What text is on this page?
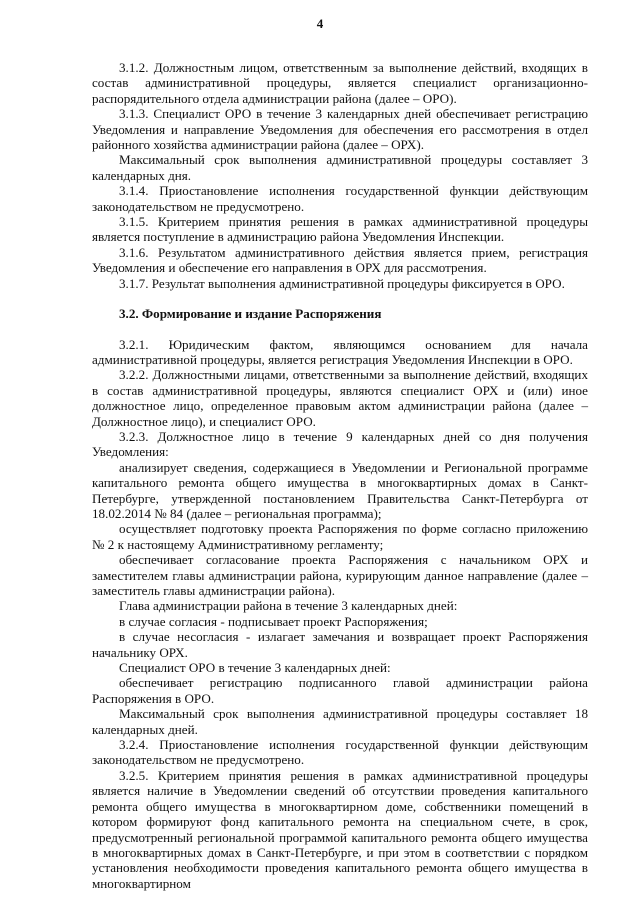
4

3.1.2. Должностным лицом, ответственным за выполнение действий, входящих в состав административной процедуры, является специалист организационно-распорядительного отдела администрации района (далее – ОРО).

3.1.3. Специалист ОРО в течение 3 календарных дней обеспечивает регистрацию Уведомления и направление Уведомления для обеспечения его рассмотрения в отдел районного хозяйства администрации района (далее – ОРХ).

Максимальный срок выполнения административной процедуры составляет 3 календарных дня.

3.1.4. Приостановление исполнения государственной функции действующим законодательством не предусмотрено.

3.1.5. Критерием принятия решения в рамках административной процедуры является поступление в администрацию района Уведомления Инспекции.

3.1.6. Результатом административного действия является прием, регистрация Уведомления и обеспечение его направления в ОРХ для рассмотрения.

3.1.7. Результат выполнения административной процедуры фиксируется в ОРО.

3.2. Формирование и издание Распоряжения

3.2.1. Юридическим фактом, являющимся основанием для начала административной процедуры, является регистрация Уведомления Инспекции в ОРО.

3.2.2. Должностными лицами, ответственными за выполнение действий, входящих в состав административной процедуры, являются специалист ОРХ и (или) иное должностное лицо, определенное правовым актом администрации района (далее – Должностное лицо), и специалист ОРО.

3.2.3. Должностное лицо в течение 9 календарных дней со дня получения Уведомления:

анализирует сведения, содержащиеся в Уведомлении и Региональной программе капитального ремонта общего имущества в многоквартирных домах в Санкт-Петербурге, утвержденной постановлением Правительства Санкт-Петербурга от 18.02.2014 № 84 (далее – региональная программа);

осуществляет подготовку проекта Распоряжения по форме согласно приложению № 2 к настоящему Административному регламенту;

обеспечивает согласование проекта Распоряжения с начальником ОРХ и заместителем главы администрации района, курирующим данное направление (далее – заместитель главы администрации района).

Глава администрации района в течение 3 календарных дней:

в случае согласия - подписывает проект Распоряжения;

в случае несогласия - излагает замечания и возвращает проект Распоряжения начальнику ОРХ.

Специалист ОРО в течение 3 календарных дней:

обеспечивает регистрацию подписанного главой администрации района Распоряжения в ОРО.

Максимальный срок выполнения административной процедуры составляет 18 календарных дней.

3.2.4. Приостановление исполнения государственной функции действующим законодательством не предусмотрено.

3.2.5. Критерием принятия решения в рамках административной процедуры является наличие в Уведомлении сведений об отсутствии проведения капитального ремонта общего имущества в многоквартирном доме, собственники помещений в котором формируют фонд капитального ремонта на специальном счете, в срок, предусмотренный региональной программой капитального ремонта общего имущества в многоквартирных домах в Санкт-Петербурге, и при этом в соответствии с порядком установления необходимости проведения капитального ремонта общего имущества в многоквартирном
